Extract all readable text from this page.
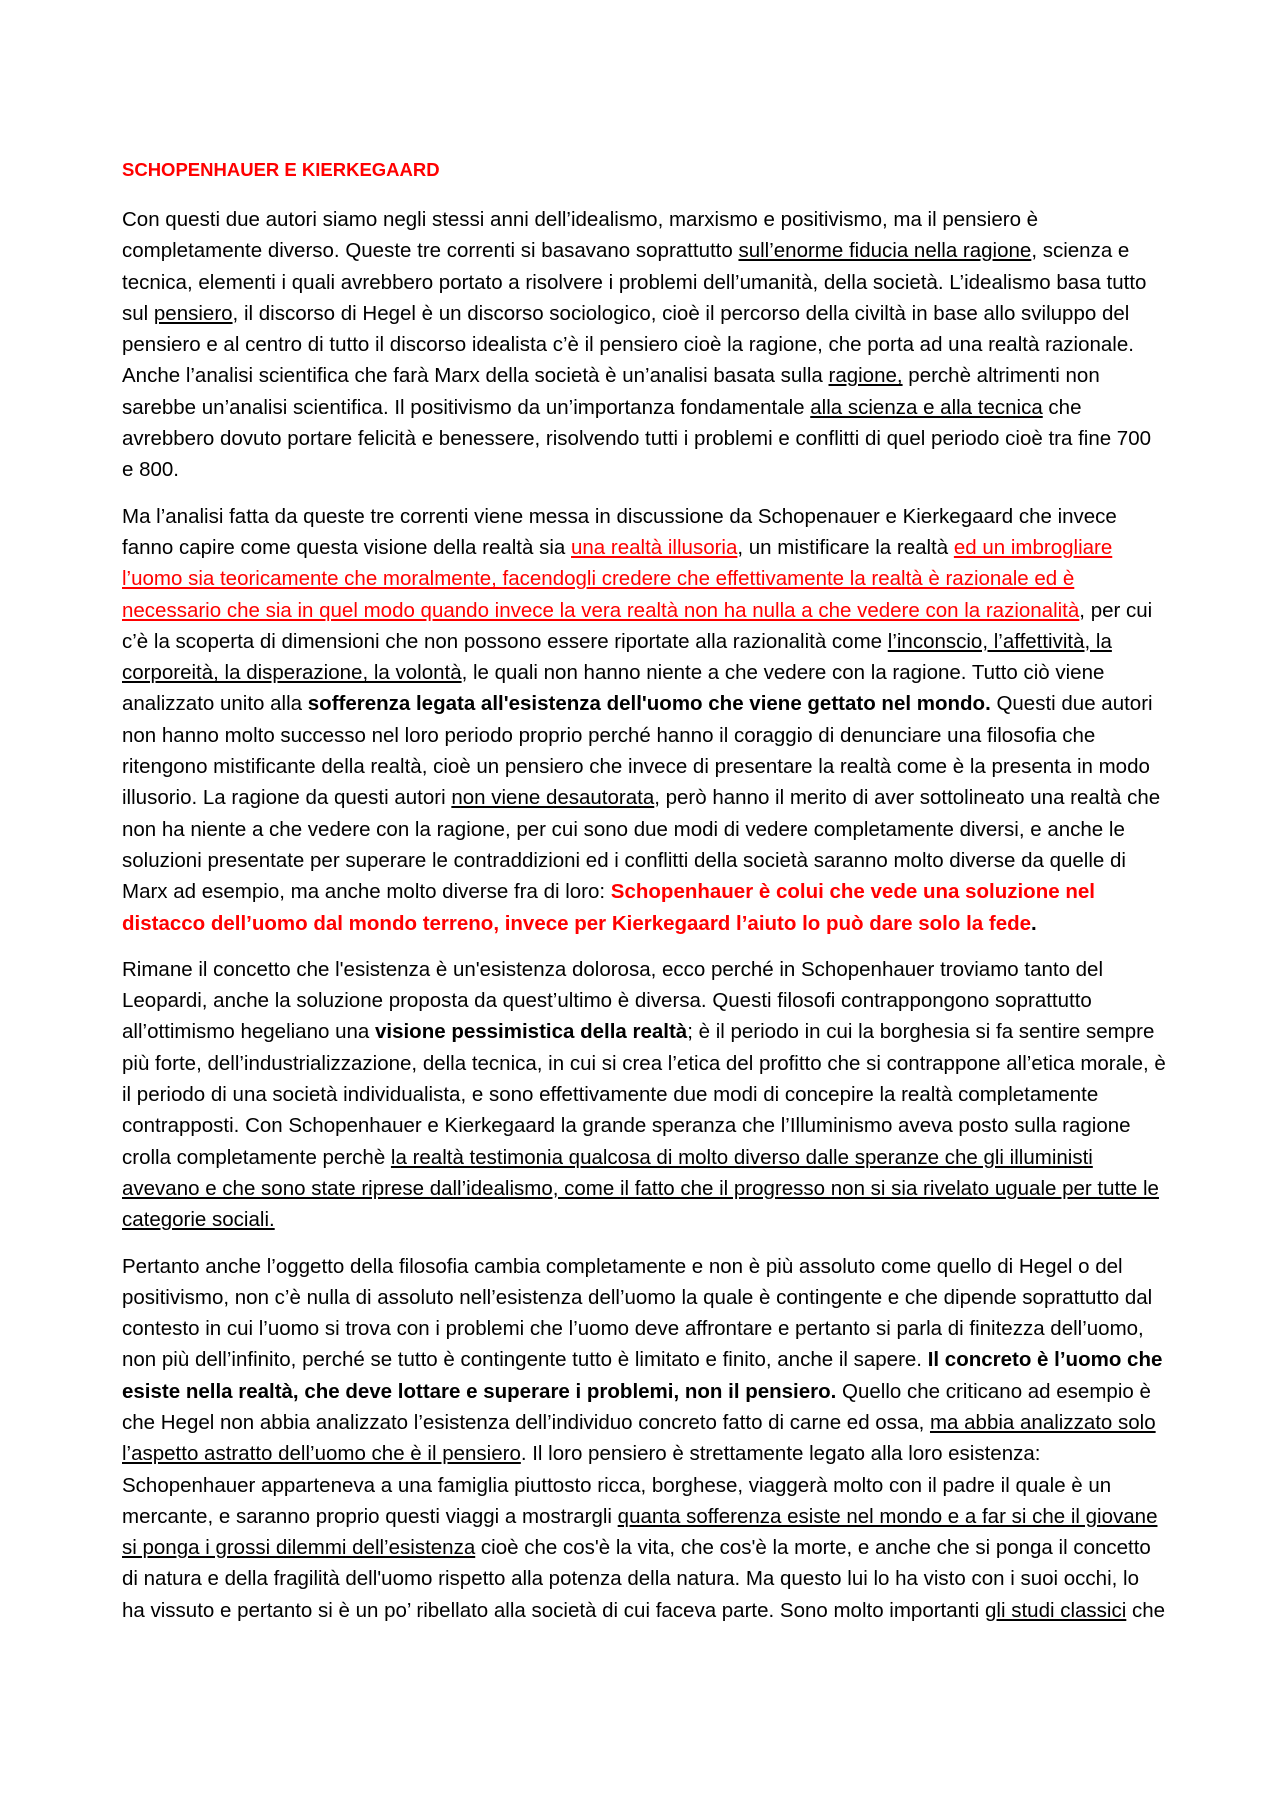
SCHOPENHAUER E KIERKEGAARD

Con questi due autori siamo negli stessi anni dell’idealismo, marxismo e positivismo, ma il pensiero è completamente diverso. Queste tre correnti si basavano soprattutto sull’enorme fiducia nella ragione, scienza e tecnica, elementi i quali avrebbero portato a risolvere i problemi dell’umanità, della società. L’idealismo basa tutto sul pensiero, il discorso di Hegel è un discorso sociologico, cioè il percorso della civiltà in base allo sviluppo del pensiero e al centro di tutto il discorso idealista c’è il pensiero cioè la ragione, che porta ad una realtà razionale. Anche l’analisi scientifica che farà Marx della società è un’analisi basata sulla ragione, perchè altrimenti non sarebbe un’analisi scientifica. Il positivismo da un’importanza fondamentale alla scienza e alla tecnica che avrebbero dovuto portare felicità e benessere, risolvendo tutti i problemi e conflitti di quel periodo cioè tra fine 700 e 800.

Ma l’analisi fatta da queste tre correnti viene messa in discussione da Schopenauer e Kierkegaard che invece fanno capire come questa visione della realtà sia una realtà illusoria, un mistificare la realtà ed un imbrogliare l’uomo sia teoricamente che moralmente, facendogli credere che effettivamente la realtà è razionale ed è necessario che sia in quel modo quando invece la vera realtà non ha nulla a che vedere con la razionalità, per cui c’è la scoperta di dimensioni che non possono essere riportate alla razionalità come l’inconscio, l’affettività, la corporeità, la disperazione, la volontà, le quali non hanno niente a che vedere con la ragione. Tutto ciò viene analizzato unito alla sofferenza legata all'esistenza dell'uomo che viene gettato nel mondo. Questi due autori non hanno molto successo nel loro periodo proprio perché hanno il coraggio di denunciare una filosofia che ritengono mistificante della realtà, cioè un pensiero che invece di presentare la realtà come è la presenta in modo illusorio. La ragione da questi autori non viene desautorata, però hanno il merito di aver sottolineato una realtà che non ha niente a che vedere con la ragione, per cui sono due modi di vedere completamente diversi, e anche le soluzioni presentate per superare le contraddizioni ed i conflitti della società saranno molto diverse da quelle di Marx ad esempio, ma anche molto diverse fra di loro: Schopenhauer è colui che vede una soluzione nel distacco dell’uomo dal mondo terreno, invece per Kierkegaard l’aiuto lo può dare solo la fede.

Rimane il concetto che l'esistenza è un'esistenza dolorosa, ecco perché in Schopenhauer troviamo tanto del Leopardi, anche la soluzione proposta da quest’ultimo è diversa. Questi filosofi contrappongono soprattutto all’ottimismo hegeliano una visione pessimistica della realtà; è il periodo in cui la borghesia si fa sentire sempre più forte, dell’industrializzazione, della tecnica, in cui si crea l’etica del profitto che si contrappone all’etica morale, è il periodo di una società individualista, e sono effettivamente due modi di concepire la realtà completamente contrapposti. Con Schopenhauer e Kierkegaard la grande speranza che l’Illuminismo aveva posto sulla ragione crolla completamente perchè la realtà testimonia qualcosa di molto diverso dalle speranze che gli illuministi avevano e che sono state riprese dall’idealismo, come il fatto che il progresso non si sia rivelato uguale per tutte le categorie sociali.

Pertanto anche l’oggetto della filosofia cambia completamente e non è più assoluto come quello di Hegel o del positivismo, non c’è nulla di assoluto nell’esistenza dell’uomo la quale è contingente e che dipende soprattutto dal contesto in cui l’uomo si trova con i problemi che l’uomo deve affrontare e pertanto si parla di finitezza dell’uomo, non più dell’infinito, perché se tutto è contingente tutto è limitato e finito, anche il sapere. Il concreto è l’uomo che esiste nella realtà, che deve lottare e superare i problemi, non il pensiero. Quello che criticano ad esempio è che Hegel non abbia analizzato l’esistenza dell’individuo concreto fatto di carne ed ossa, ma abbia analizzato solo l’aspetto astratto dell’uomo che è il pensiero. Il loro pensiero è strettamente legato alla loro esistenza: Schopenhauer apparteneva a una famiglia piuttosto ricca, borghese, viaggerà molto con il padre il quale è un mercante, e saranno proprio questi viaggi a mostrargli quanta sofferenza esiste nel mondo e a far si che il giovane si ponga i grossi dilemmi dell’esistenza cioè che cos'è la vita, che cos'è la morte, e anche che si ponga il concetto di natura e della fragilità dell'uomo rispetto alla potenza della natura. Ma questo lui lo ha visto con i suoi occhi, lo ha vissuto e pertanto si è un po’ ribellato alla società di cui faceva parte. Sono molto importanti gli studi classici che
